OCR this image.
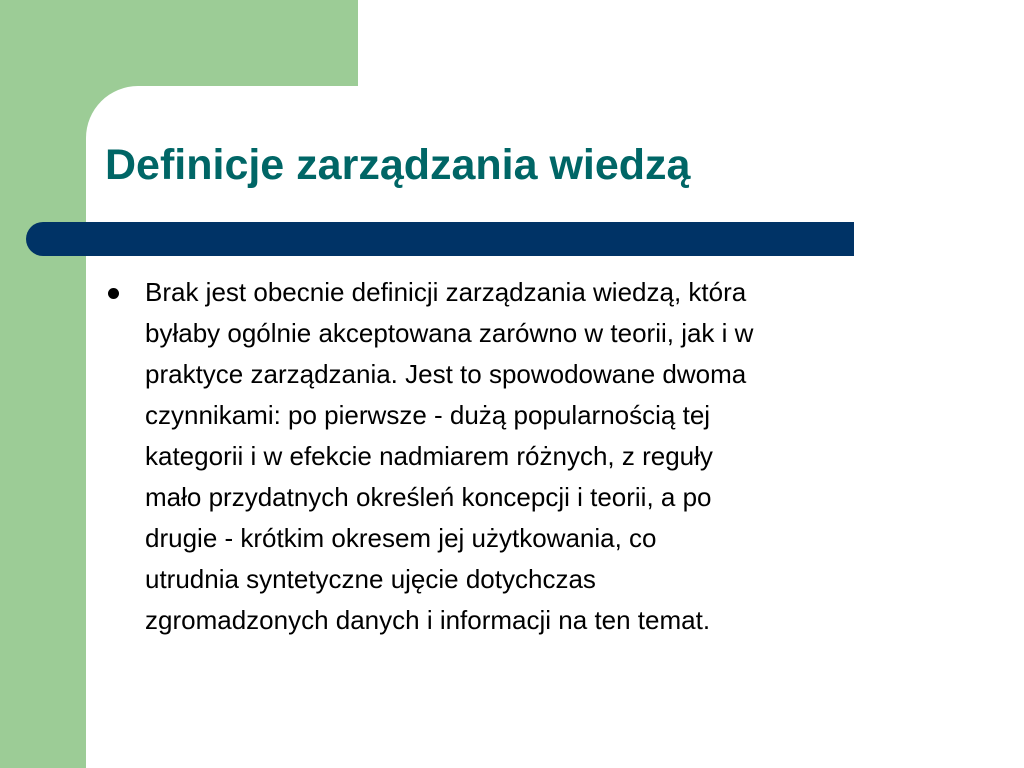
Definicje zarządzania wiedzą
Brak jest obecnie definicji zarządzania wiedzą, która
byłaby ogólnie akceptowana zarówno w teorii, jak i w
praktyce zarządzania. Jest to spowodowane dwoma
czynnikami: po pierwsze - dużą popularnością tej
kategorii i w efekcie nadmiarem różnych, z reguły
mało przydatnych określeń koncepcji i teorii, a po
drugie - krótkim okresem jej użytkowania, co
utrudnia syntetyczne ujęcie dotychczas
zgromadzonych danych i informacji na ten temat.
